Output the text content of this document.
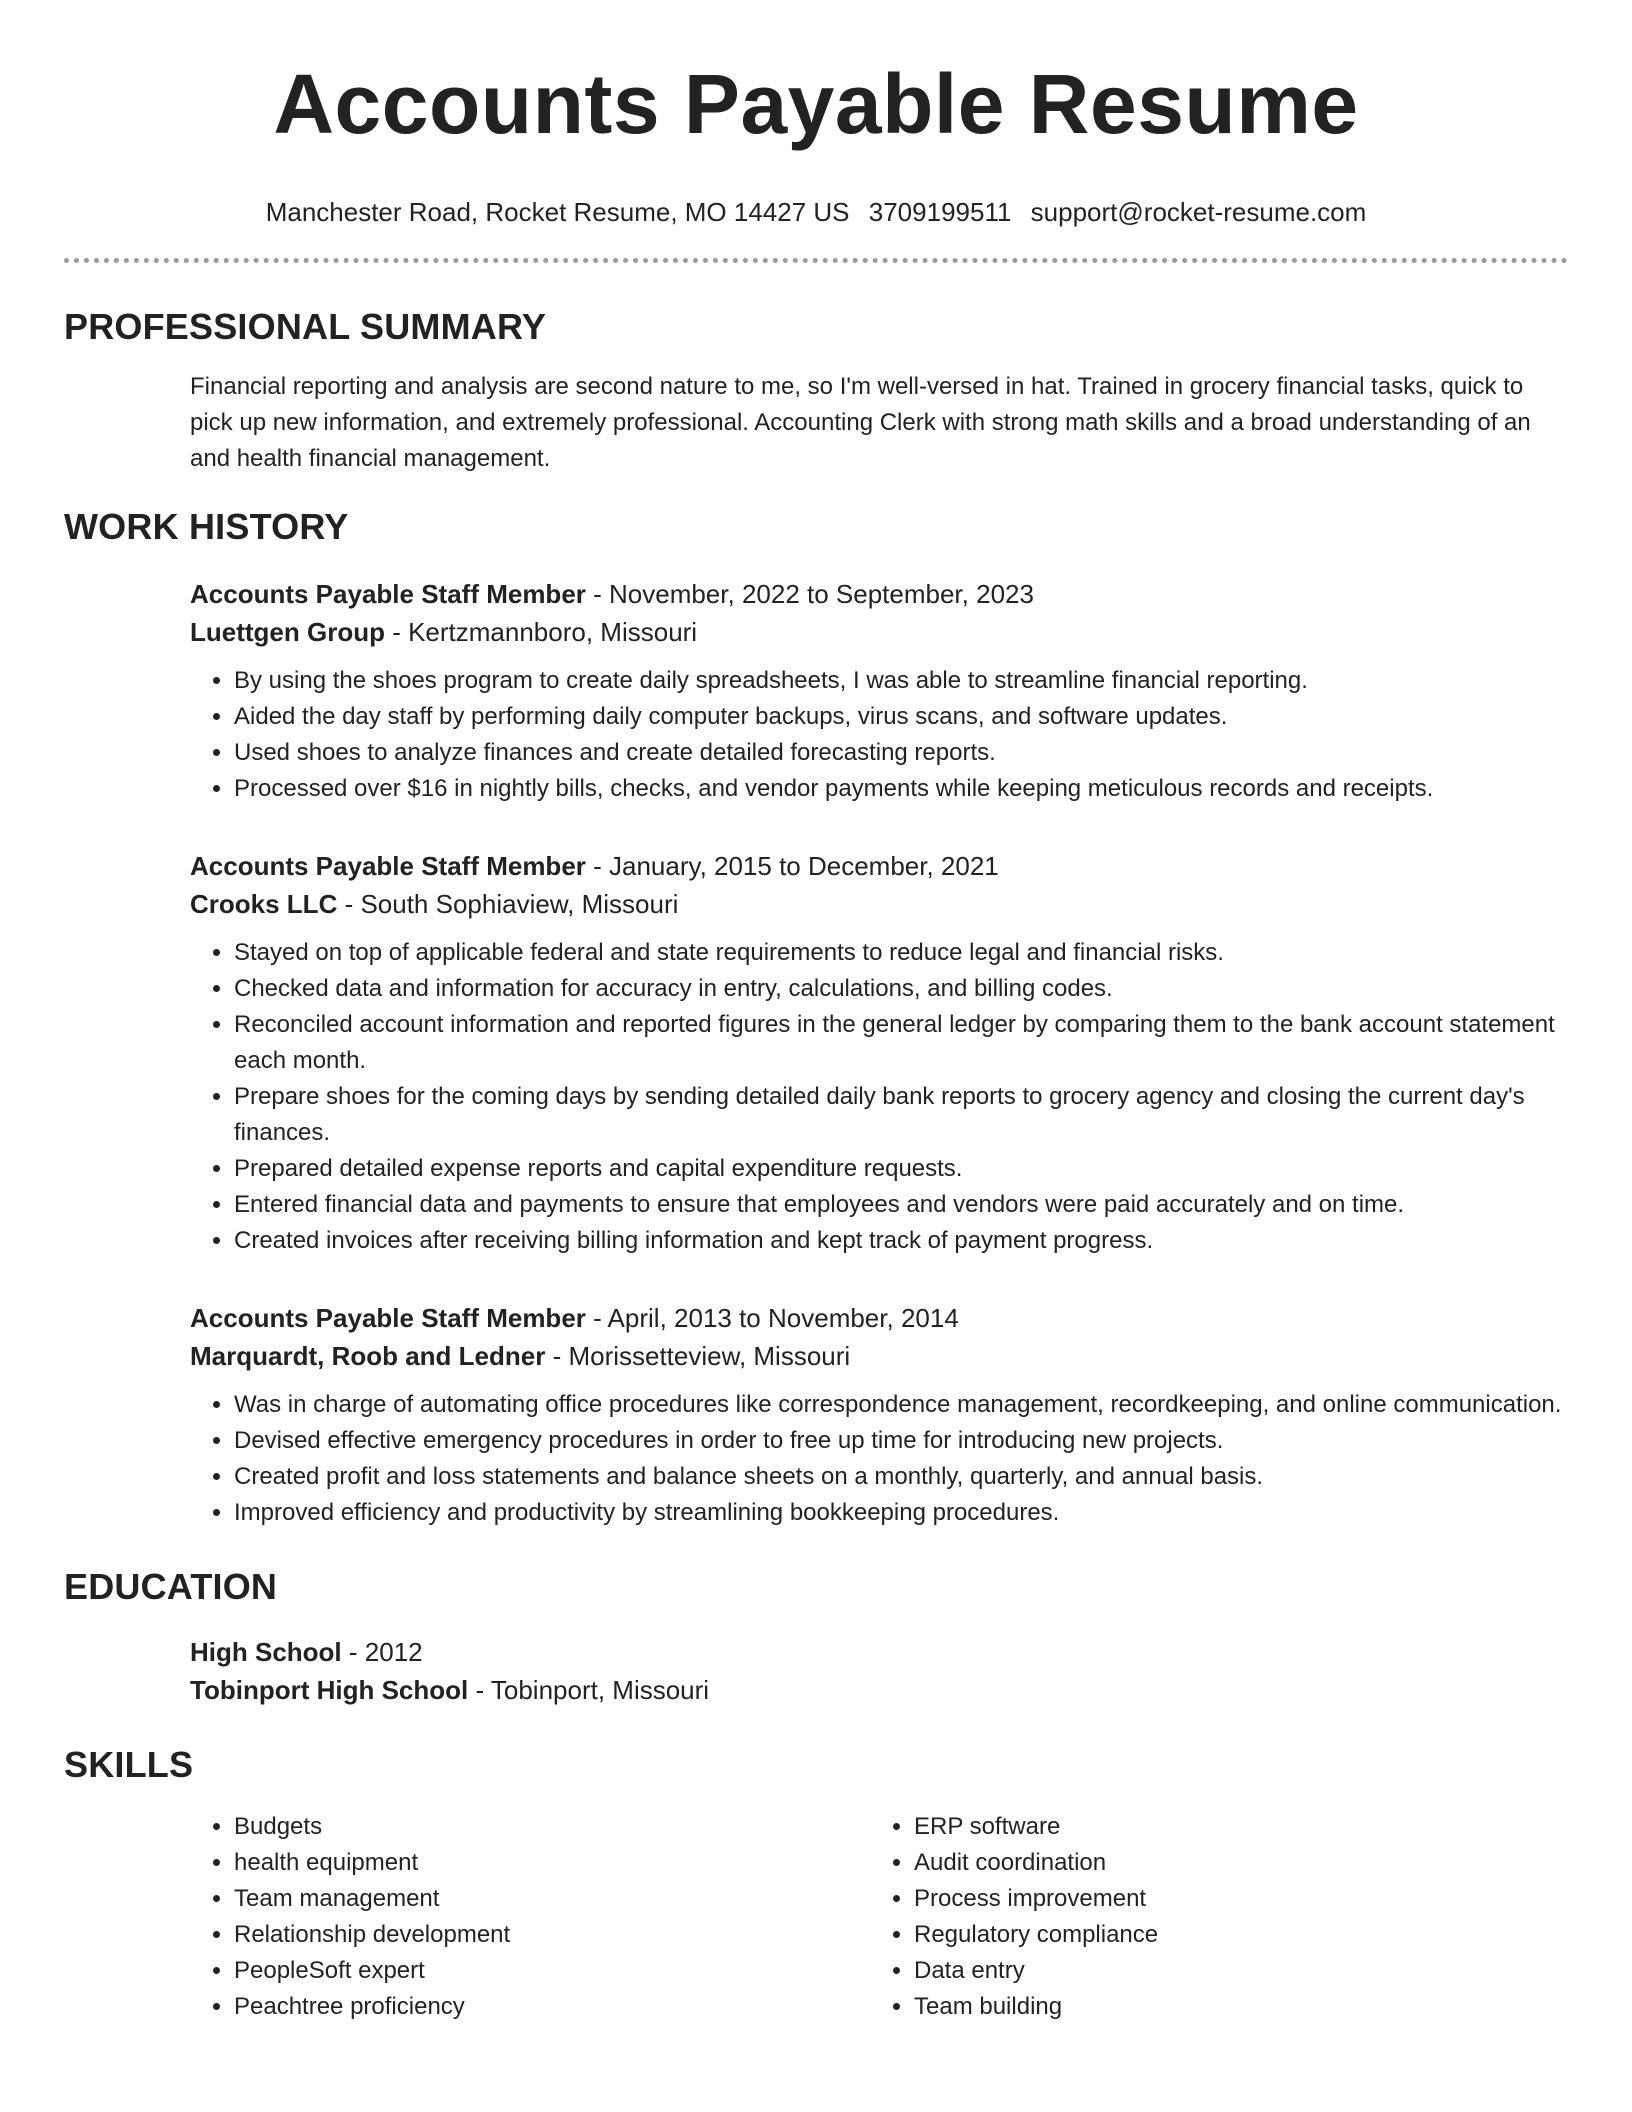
Accounts Payable Resume
Manchester Road, Rocket Resume, MO 14427 US 3709199511 support@rocket-resume.com
PROFESSIONAL SUMMARY
Financial reporting and analysis are second nature to me, so I'm well-versed in hat. Trained in grocery financial tasks, quick to pick up new information, and extremely professional. Accounting Clerk with strong math skills and a broad understanding of an and health financial management.
WORK HISTORY
Accounts Payable Staff Member - November, 2022 to September, 2023
Luettgen Group - Kertzmannboro, Missouri
• By using the shoes program to create daily spreadsheets, I was able to streamline financial reporting.
• Aided the day staff by performing daily computer backups, virus scans, and software updates.
• Used shoes to analyze finances and create detailed forecasting reports.
• Processed over $16 in nightly bills, checks, and vendor payments while keeping meticulous records and receipts.
Accounts Payable Staff Member - January, 2015 to December, 2021
Crooks LLC - South Sophiaview, Missouri
• Stayed on top of applicable federal and state requirements to reduce legal and financial risks.
• Checked data and information for accuracy in entry, calculations, and billing codes.
• Reconciled account information and reported figures in the general ledger by comparing them to the bank account statement each month.
• Prepare shoes for the coming days by sending detailed daily bank reports to grocery agency and closing the current day's finances.
• Prepared detailed expense reports and capital expenditure requests.
• Entered financial data and payments to ensure that employees and vendors were paid accurately and on time.
• Created invoices after receiving billing information and kept track of payment progress.
Accounts Payable Staff Member - April, 2013 to November, 2014
Marquardt, Roob and Ledner - Morissetteview, Missouri
• Was in charge of automating office procedures like correspondence management, recordkeeping, and online communication.
• Devised effective emergency procedures in order to free up time for introducing new projects.
• Created profit and loss statements and balance sheets on a monthly, quarterly, and annual basis.
• Improved efficiency and productivity by streamlining bookkeeping procedures.
EDUCATION
High School - 2012
Tobinport High School - Tobinport, Missouri
SKILLS
• Budgets
• health equipment
• Team management
• Relationship development
• PeopleSoft expert
• Peachtree proficiency
• ERP software
• Audit coordination
• Process improvement
• Regulatory compliance
• Data entry
• Team building
